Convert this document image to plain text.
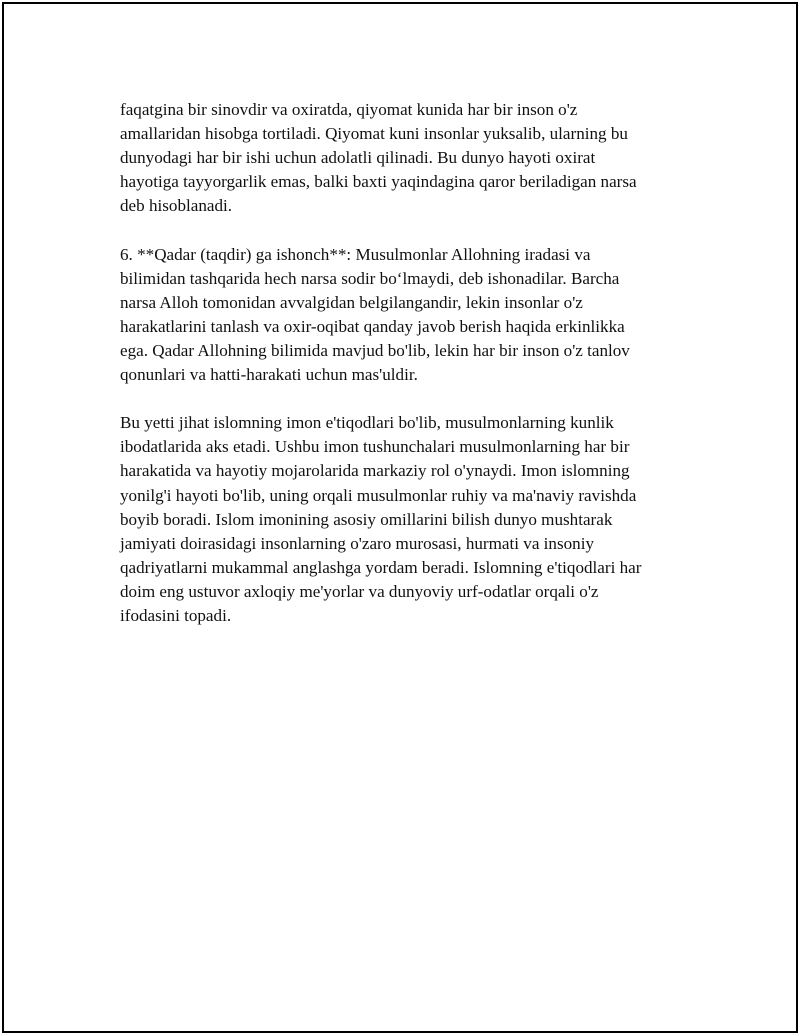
faqatgina bir sinovdir va oxiratda, qiyomat kunida har bir inson o'z
amallaridan hisobga tortiladi. Qiyomat kuni insonlar yuksalib, ularning bu
dunyodagi har bir ishi uchun adolatli qilinadi. Bu dunyo hayoti oxirat
hayotiga tayyorgarlik emas, balki baxti yaqindagina qaror beriladigan narsa
deb hisoblanadi.

6. **Qadar (taqdir) ga ishonch**: Musulmonlar Allohning iradasi va
bilimidan tashqarida hech narsa sodir bo‘lmaydi, deb ishonadilar. Barcha
narsa Alloh tomonidan avvalgidan belgilangandir, lekin insonlar o'z
harakatlarini tanlash va oxir-oqibat qanday javob berish haqida erkinlikka
ega. Qadar Allohning bilimida mavjud bo'lib, lekin har bir inson o'z tanlov
qonunlari va hatti-harakati uchun mas'uldir.

Bu yetti jihat islomning imon e'tiqodlari bo'lib, musulmonlarning kunlik
ibodatlarida aks etadi. Ushbu imon tushunchalari musulmonlarning har bir
harakatida va hayotiy mojarolarida markaziy rol o'ynaydi. Imon islomning
yonilg'i hayoti bo'lib, uning orqali musulmonlar ruhiy va ma'naviy ravishda
boyib boradi. Islom imonining asosiy omillarini bilish dunyo mushtarak
jamiyati doirasidagi insonlarning o'zaro murosasi, hurmati va insoniy
qadriyatlarni mukammal anglashga yordam beradi. Islomning e'tiqodlari har
doim eng ustuvor axloqiy me'yorlar va dunyoviy urf-odatlar orqali o'z
ifodasini topadi.
